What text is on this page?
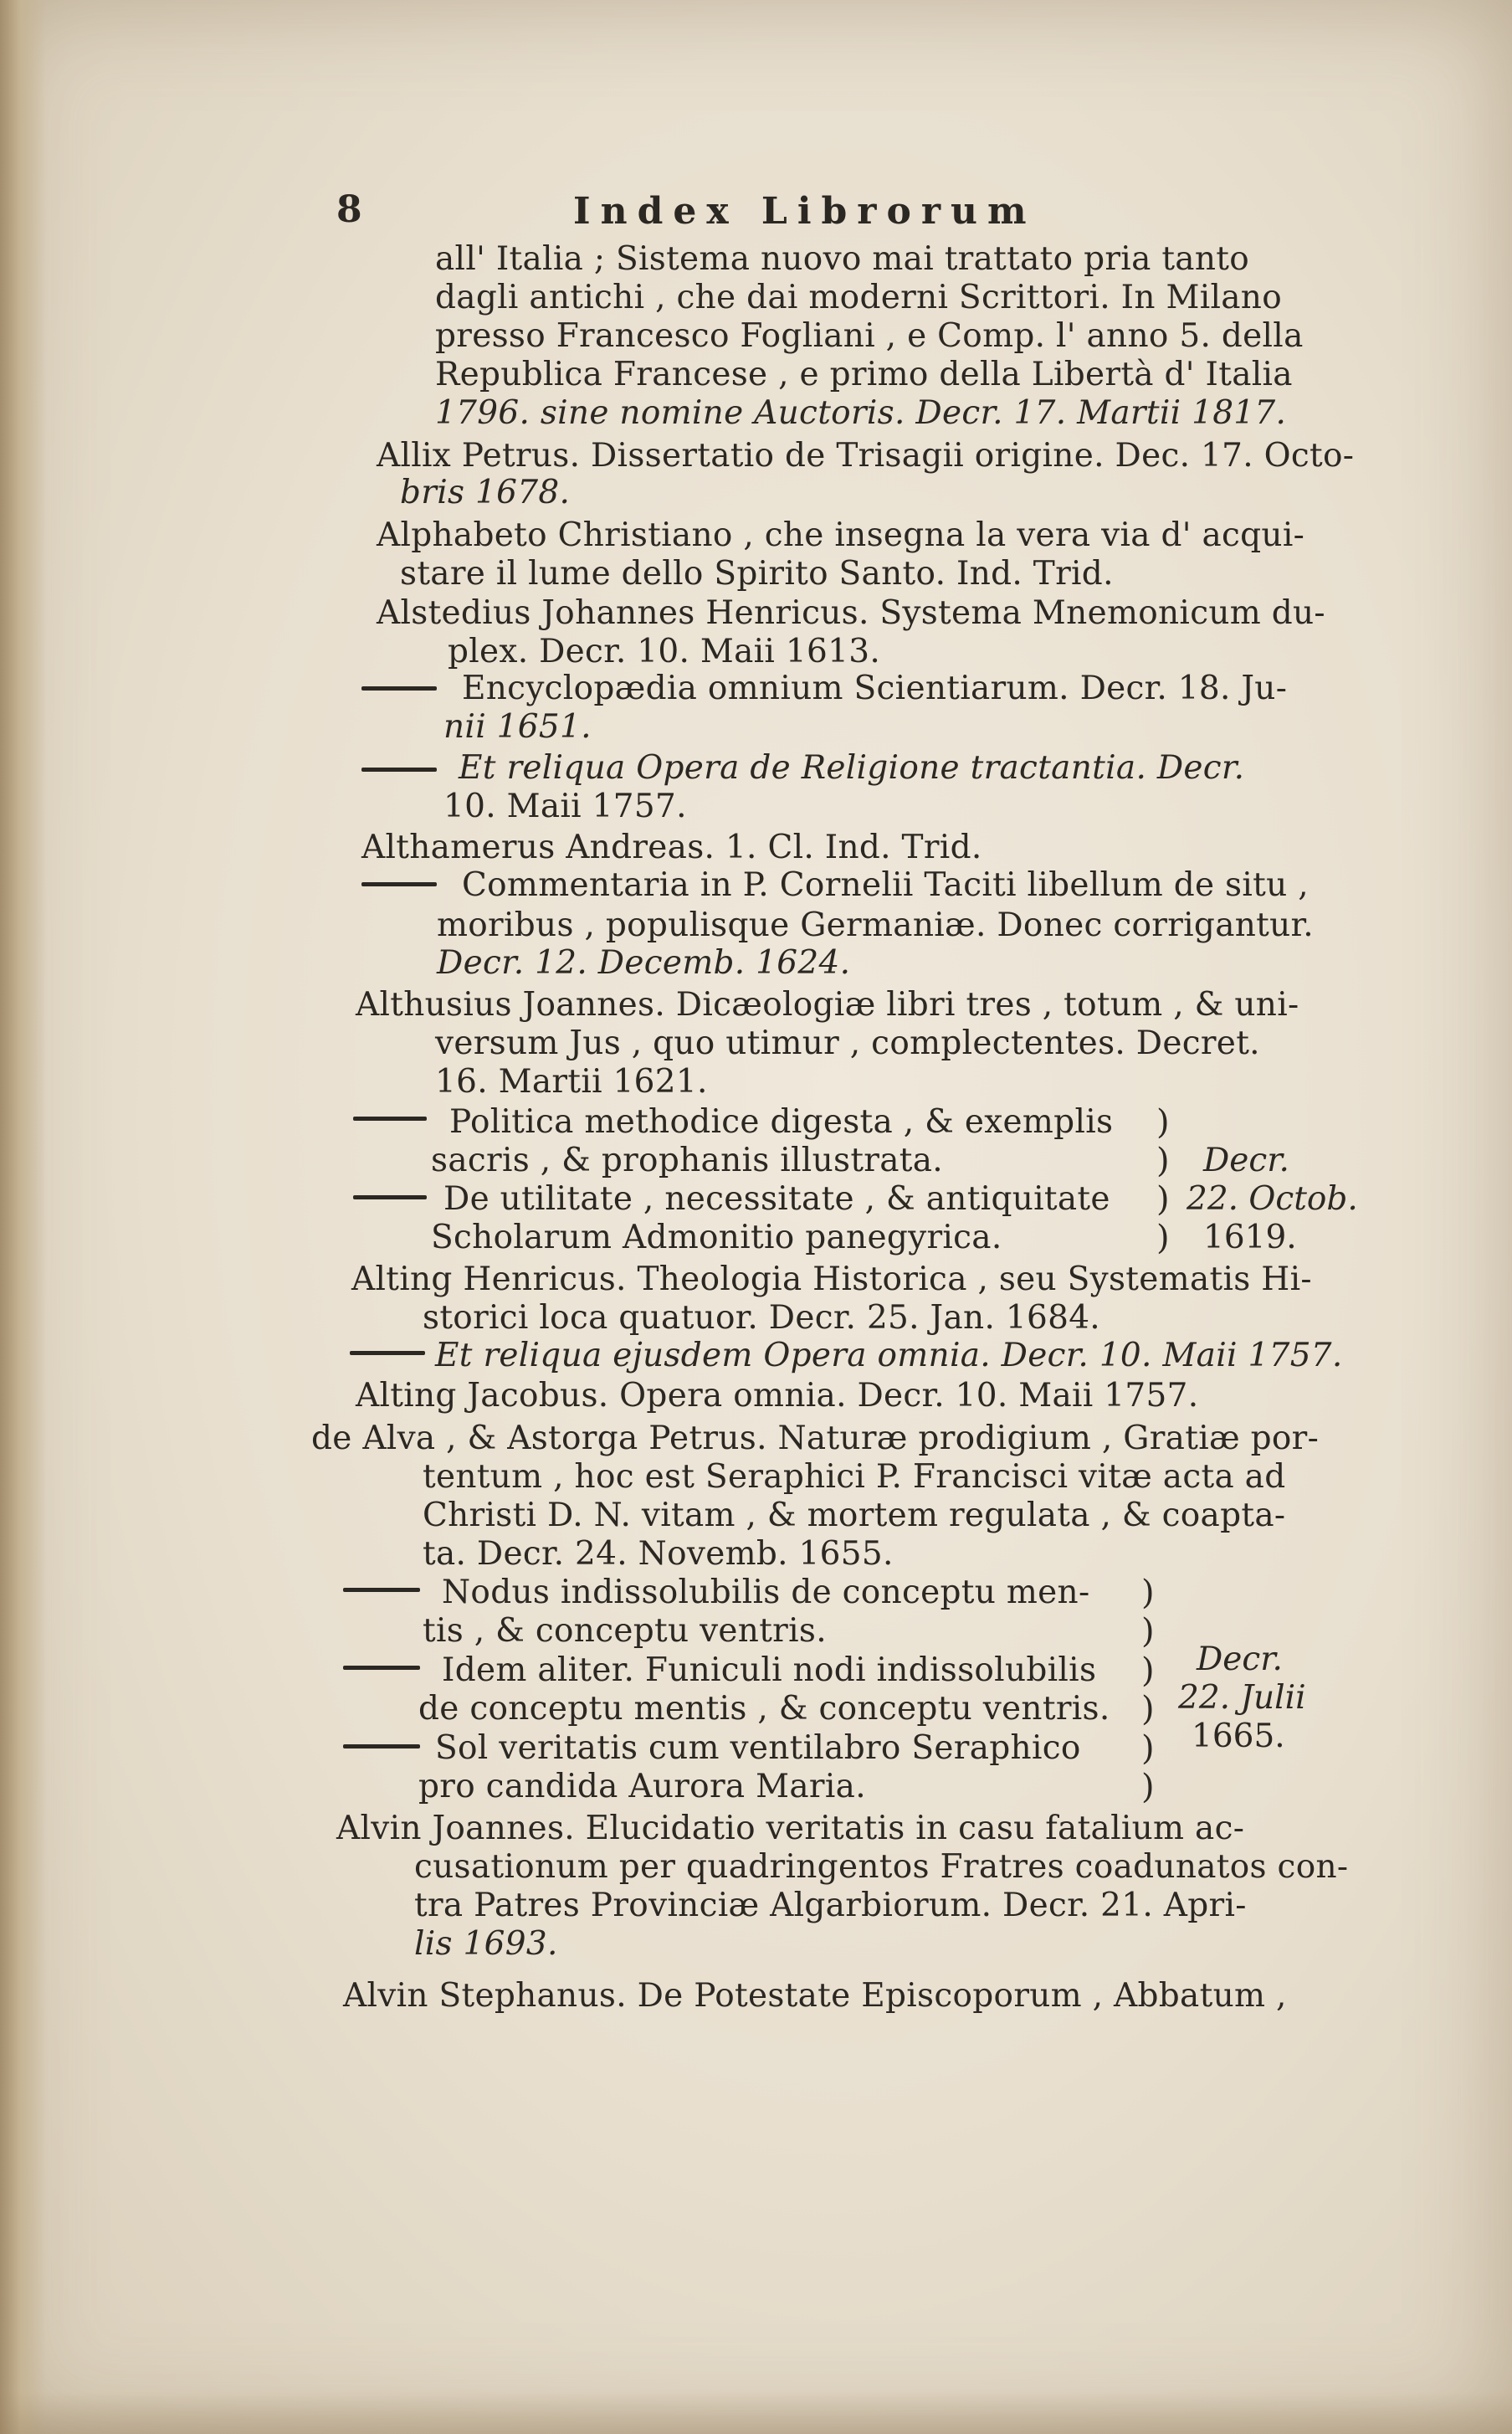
8	Index Librorum
all' Italia ; Sistema nuovo mai trattato pria tanto
dagli antichi , che dai moderni Scrittori. In Milano
presso Francesco Fogliani , e Comp. l' anno 5. della
Republica Francese , e primo della Libertà d' Italia
1796. sine nomine Auctoris. Decr. 17. Martii 1817.
Allix Petrus. Dissertatio de Trisagii origine. Dec. 17. Octo-
bris 1678.
Alphabeto Christiano , che insegna la vera via d' acqui-
stare il lume dello Spirito Santo. Ind. Trid.
Alstedius Johannes Henricus. Systema Mnemonicum du-
plex. Decr. 10. Maii 1613.
Encyclopædia omnium Scientiarum. Decr. 18. Ju-
nii 1651.
Et reliqua Opera de Religione tractantia. Decr.
10. Maii 1757.
Althamerus Andreas. 1. Cl. Ind. Trid.
Commentaria in P. Cornelii Taciti libellum de situ ,
moribus , populisque Germaniæ. Donec corrigantur.
Decr. 12. Decemb. 1624.
Althusius Joannes. Dicæologiæ libri tres , totum , & uni-
versum Jus , quo utimur , complectentes. Decret.
16. Martii 1621.
Politica methodice digesta , & exemplis
sacris , & prophanis illustrata.
De utilitate , necessitate , & antiquitate
Scholarum Admonitio panegyrica.
)
)
)
)
Decr.
22. Octob.
1619.
Alting Henricus. Theologia Historica , seu Systematis Hi-
storici loca quatuor. Decr. 25. Jan. 1684.
Et reliqua ejusdem Opera omnia. Decr. 10. Maii 1757.
Alting Jacobus. Opera omnia. Decr. 10. Maii 1757.
de Alva , & Astorga Petrus. Naturæ prodigium , Gratiæ por-
tentum , hoc est Seraphici P. Francisci vitæ acta ad
Christi D. N. vitam , & mortem regulata , & coapta-
ta. Decr. 24. Novemb. 1655.
Nodus indissolubilis de conceptu men-
tis , & conceptu ventris.
Idem aliter. Funiculi nodi indissolubilis
de conceptu mentis , & conceptu ventris.
Sol veritatis cum ventilabro Seraphico
pro candida Aurora Maria.
)
)
)
)
)
)
Decr.
22. Julii
1665.
Alvin Joannes. Elucidatio veritatis in casu fatalium ac-
cusationum per quadringentos Fratres coadunatos con-
tra Patres Provinciæ Algarbiorum. Decr. 21. Apri-
lis 1693.
Alvin Stephanus. De Potestate Episcoporum , Abbatum ,
